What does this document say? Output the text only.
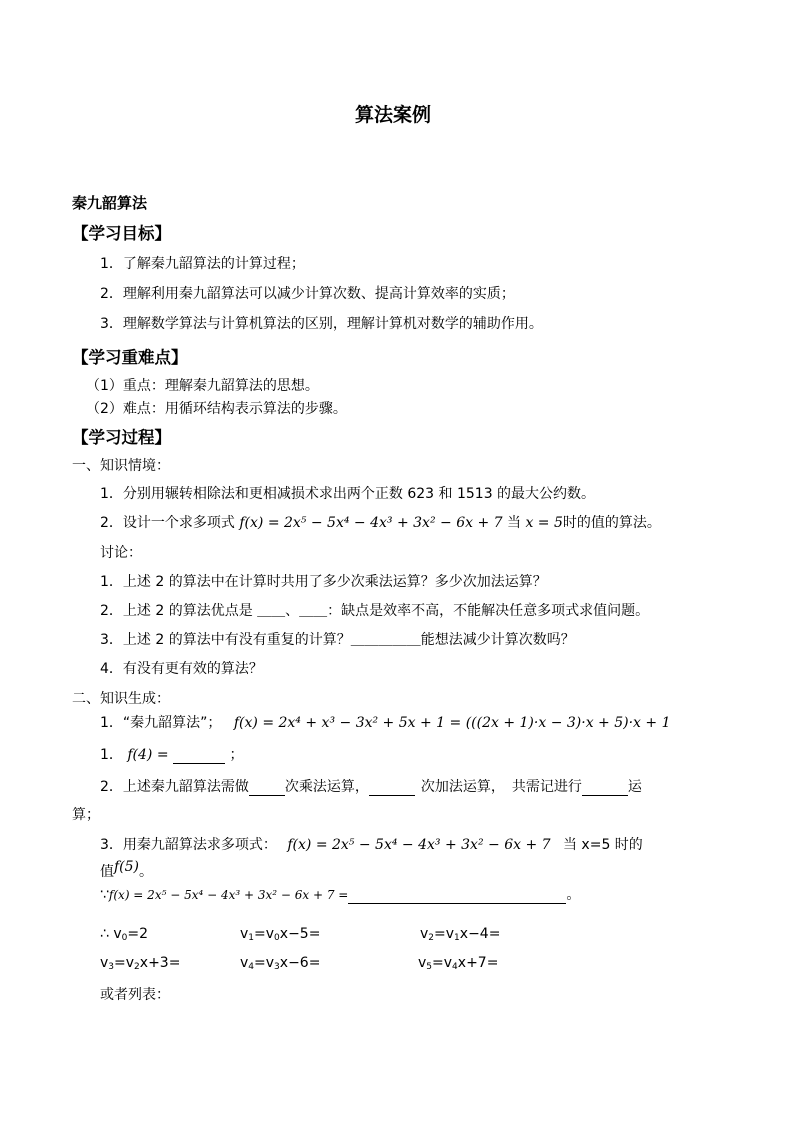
算法案例
秦九韶算法
【学习目标】
1．了解秦九韶算法的计算过程；
2．理解利用秦九韶算法可以减少计算次数、提高计算效率的实质；
3．理解数学算法与计算机算法的区别，理解计算机对数学的辅助作用。
【学习重难点】
（1）重点：理解秦九韶算法的思想。
（2）难点：用循环结构表示算法的步骤。
【学习过程】
一、知识情境：
1．分别用辗转相除法和更相减损术求出两个正数 623 和 1513 的最大公约数。
2．设计一个求多项式 f(x) = 2x⁵ − 5x⁴ − 4x³ + 3x² − 6x + 7 当 x = 5时的值的算法。
讨论：
1．上述 2 的算法中在计算时共用了多少次乘法运算？多少次加法运算？
2．上述 2 的算法优点是 ＿＿、＿＿：缺点是效率不高，不能解决任意多项式求值问题。
3．上述 2 的算法中有没有重复的计算？＿＿＿＿＿能想法减少计算次数吗？
4．有没有更有效的算法？
二、知识生成：
1．“秦九韶算法”； f(x) = 2x⁴ + x³ − 3x² + 5x + 1 = (((2x + 1)·x − 3)·x + 5)·x + 1
1． f(4) =	；
2．上述秦九韶算法需做	次乘法运算，	次加法运算，　共需记进行	运
算；
3．用秦九韶算法求多项式： f(x) = 2x⁵ − 5x⁴ − 4x³ + 3x² − 6x + 7 当 x=5 时的
值f(5)。
∵f(x) = 2x⁵ − 5x⁴ − 4x³ + 3x² − 6x + 7 =	。
∴ $v_0=2$	$v_1=v_0x-5=$	$v_2=v_1x-4=$
$v_3=v_2x+3=$	$v_4=v_3x-6=$	$v_5=v_4x+7=$
或者列表：
